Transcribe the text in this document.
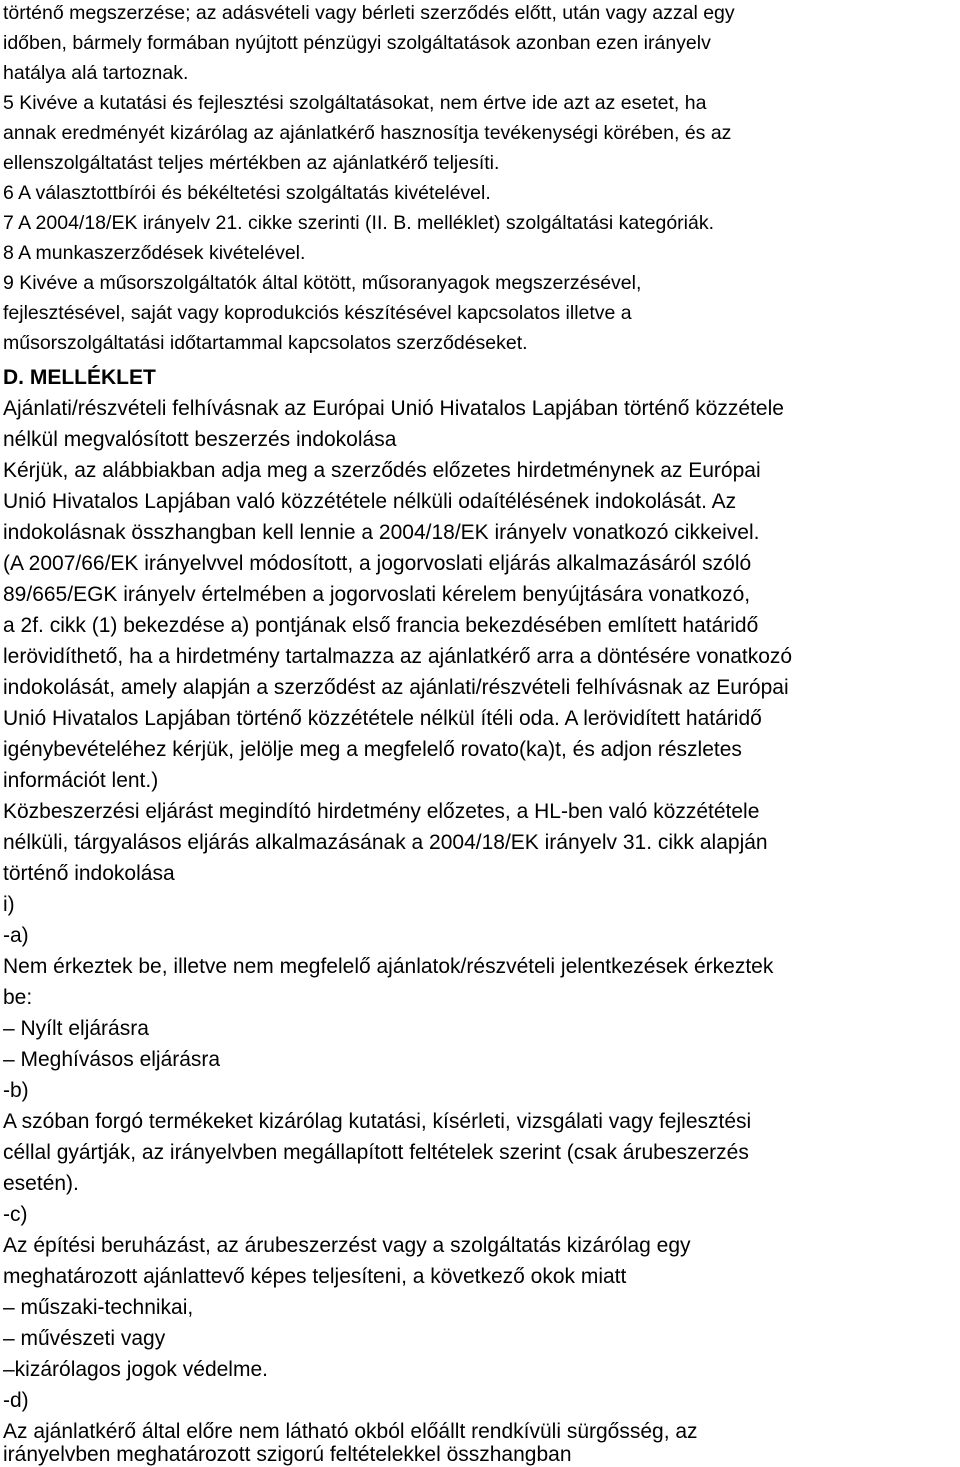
történő megszerzése; az adásvételi vagy bérleti szerződés előtt, után vagy azzal egy
időben, bármely formában nyújtott pénzügyi szolgáltatások azonban ezen irányelv
hatálya alá tartoznak.
5 Kivéve a kutatási és fejlesztési szolgáltatásokat, nem értve ide azt az esetet, ha
annak eredményét kizárólag az ajánlatkérő hasznosítja tevékenységi körében, és az
ellenszolgáltatást teljes mértékben az ajánlatkérő teljesíti.
6 A választottbírói és békéltetési szolgáltatás kivételével.
7 A 2004/18/EK irányelv 21. cikke szerinti (II. B. melléklet) szolgáltatási kategóriák.
8 A munkaszerződések kivételével.
9 Kivéve a műsorszolgáltatók által kötött, műsoranyagok megszerzésével,
fejlesztésével, saját vagy koprodukciós készítésével kapcsolatos illetve a
műsorszolgáltatási időtartammal kapcsolatos szerződéseket.
D. MELLÉKLET
Ajánlati/részvételi felhívásnak az Európai Unió Hivatalos Lapjában történő közzétele
nélkül megvalósított beszerzés indokolása
Kérjük, az alábbiakban adja meg a szerződés előzetes hirdetménynek az Európai
Unió Hivatalos Lapjában való közzététele nélküli odaítélésének indokolását. Az
indokolásnak összhangban kell lennie a 2004/18/EK irányelv vonatkozó cikkeivel.
(A 2007/66/EK irányelvvel módosított, a jogorvoslati eljárás alkalmazásáról szóló
89/665/EGK irányelv értelmében a jogorvoslati kérelem benyújtására vonatkozó,
a 2f. cikk (1) bekezdése a) pontjának első francia bekezdésében említett határidő
lerövidíthető, ha a hirdetmény tartalmazza az ajánlatkérő arra a döntésére vonatkozó
indokolását, amely alapján a szerződést az ajánlati/részvételi felhívásnak az Európai
Unió Hivatalos Lapjában történő közzététele nélkül ítéli oda. A lerövidített határidő
igénybevételéhez kérjük, jelölje meg a megfelelő rovato(ka)t, és adjon részletes
információt lent.)
Közbeszerzési eljárást megindító hirdetmény előzetes, a HL-ben való közzététele
nélküli, tárgyalásos eljárás alkalmazásának a 2004/18/EK irányelv 31. cikk alapján
történő indokolása
i)
-a)
Nem érkeztek be, illetve nem megfelelő ajánlatok/részvételi jelentkezések érkeztek
be:
– Nyílt eljárásra
– Meghívásos eljárásra
-b)
A szóban forgó termékeket kizárólag kutatási, kísérleti, vizsgálati vagy fejlesztési
céllal gyártják, az irányelvben megállapított feltételek szerint (csak árubeszerzés
esetén).
-c)
Az építési beruházást, az árubeszerzést vagy a szolgáltatás kizárólag egy
meghatározott ajánlattevő képes teljesíteni, a következő okok miatt
– műszaki-technikai,
– művészeti vagy
–kizárólagos jogok védelme.
-d)
Az ajánlatkérő által előre nem látható okból előállt rendkívüli sürgősség, az
irányelvben meghatározott szigorú feltételekkel összhangban
